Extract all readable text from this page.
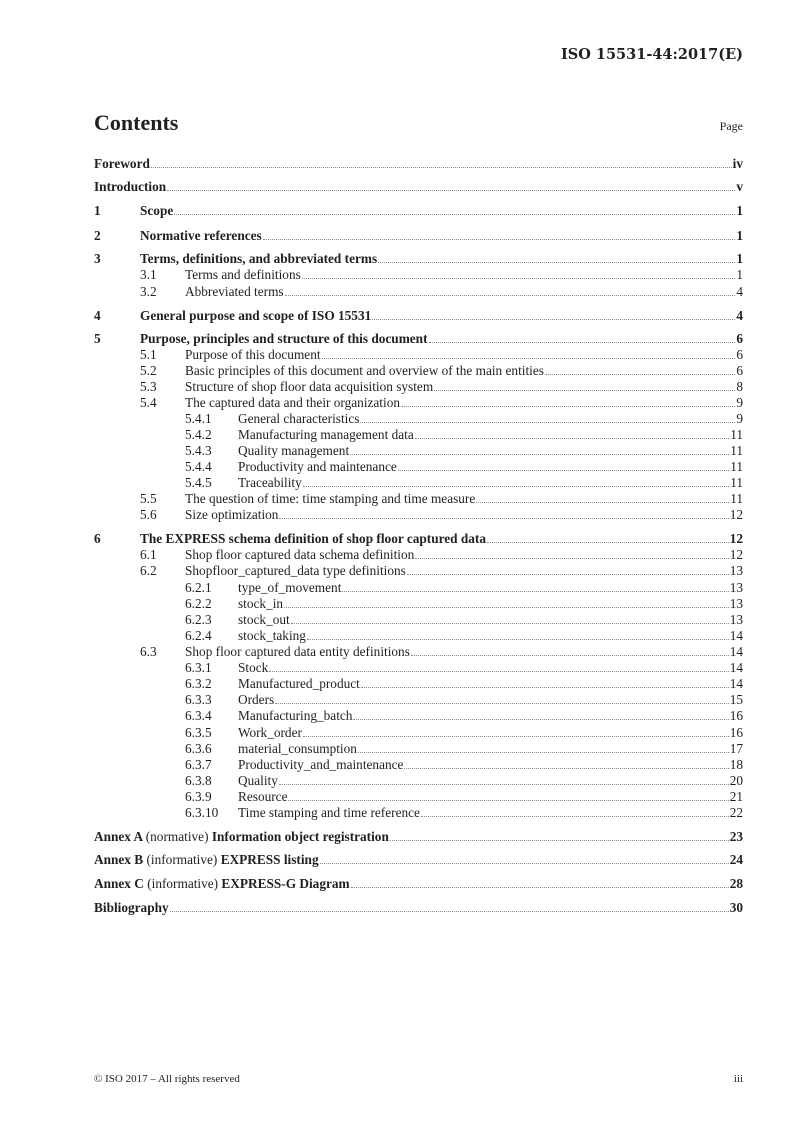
ISO 15531-44:2017(E)
Contents	Page
Foreword	iv
Introduction	v
1	Scope	1
2	Normative references	1
3	Terms, definitions, and abbreviated terms	1
3.1	Terms and definitions	1
3.2	Abbreviated terms	4
4	General purpose and scope of ISO 15531	4
5	Purpose, principles and structure of this document	6
5.1	Purpose of this document	6
5.2	Basic principles of this document and overview of the main entities	6
5.3	Structure of shop floor data acquisition system	8
5.4	The captured data and their organization	9
5.4.1	General characteristics	9
5.4.2	Manufacturing management data	11
5.4.3	Quality management	11
5.4.4	Productivity and maintenance	11
5.4.5	Traceability	11
5.5	The question of time: time stamping and time measure	11
5.6	Size optimization	12
6	The EXPRESS schema definition of shop floor captured data	12
6.1	Shop floor captured data schema definition	12
6.2	Shopfloor_captured_data type definitions	13
6.2.1	type_of_movement	13
6.2.2	stock_in	13
6.2.3	stock_out	13
6.2.4	stock_taking	14
6.3	Shop floor captured data entity definitions	14
6.3.1	Stock	14
6.3.2	Manufactured_product	14
6.3.3	Orders	15
6.3.4	Manufacturing_batch	16
6.3.5	Work_order	16
6.3.6	material_consumption	17
6.3.7	Productivity_and_maintenance	18
6.3.8	Quality	20
6.3.9	Resource	21
6.3.10	Time stamping and time reference	22
Annex A (normative) Information object registration	23
Annex B (informative) EXPRESS listing	24
Annex C (informative) EXPRESS-G Diagram	28
Bibliography	30
© ISO 2017 – All rights reserved	iii
